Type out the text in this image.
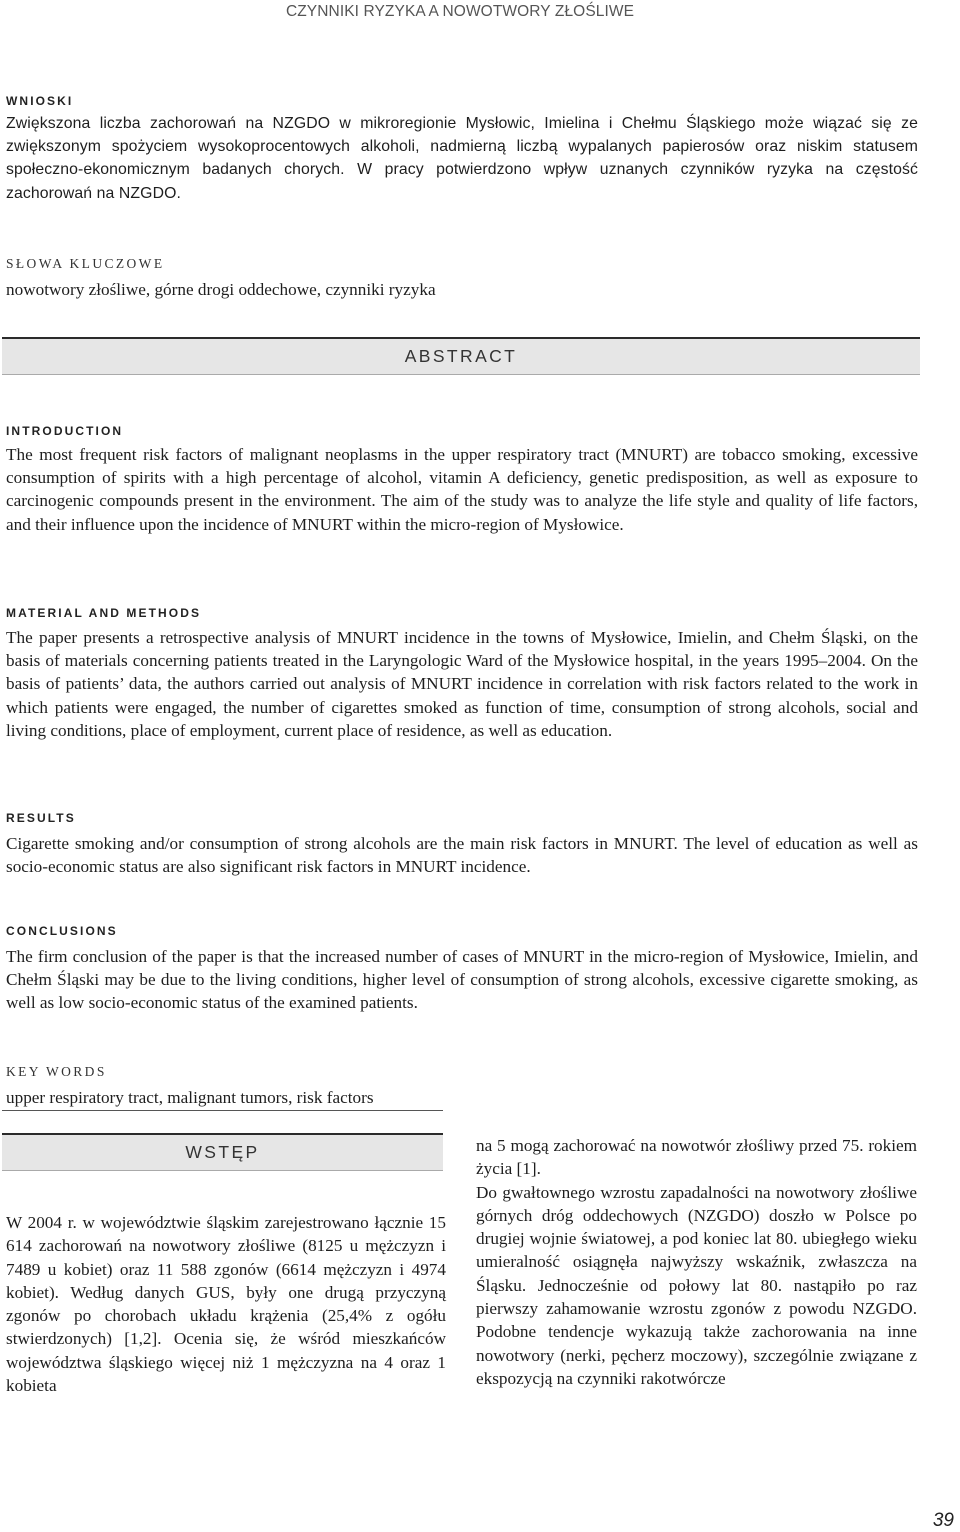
CZYNNIKI RYZYKA A NOWOTWORY ZŁOŚLIWE
WNIOSKI
Zwiększona liczba zachorowań na NZGDO w mikroregionie Mysłowic, Imielina i Chełmu Śląskiego może wiązać się ze zwiększonym spożyciem wysokoprocentowych alkoholi, nadmierną liczbą wypalanych papierosów oraz niskim statusem społeczno-ekonomicznym badanych chorych. W pracy potwierdzono wpływ uznanych czynników ryzyka na częstość zachorowań na NZGDO.
SŁOWA KLUCZOWE
nowotwory złośliwe, górne drogi oddechowe, czynniki ryzyka
ABSTRACT
INTRODUCTION
The most frequent risk factors of malignant neoplasms in the upper respiratory tract (MNURT) are tobacco smoking, excessive consumption of spirits with a high percentage of alcohol, vitamin A deficiency, genetic predisposition, as well as exposure to carcinogenic compounds present in the environment. The aim of the study was to analyze the life style and quality of life factors, and their influence upon the incidence of MNURT within the micro-region of Mysłowice.
MATERIAL AND METHODS
The paper presents a retrospective analysis of MNURT incidence in the towns of Mysłowice, Imielin, and Chełm Śląski, on the basis of materials concerning patients treated in the Laryngologic Ward of the Mysłowice hospital, in the years 1995–2004. On the basis of patients’ data, the authors carried out analysis of MNURT incidence in correlation with risk factors related to the work in which patients were engaged, the number of cigarettes smoked as function of time, consumption of strong alcohols, social and living conditions, place of employment, current place of residence, as well as education.
RESULTS
Cigarette smoking and/or consumption of strong alcohols are the main risk factors in MNURT. The level of education as well as socio-economic status are also significant risk factors in MNURT incidence.
CONCLUSIONS
The firm conclusion of the paper is that the increased number of cases of MNURT in the micro-region of Mysłowice, Imielin, and Chełm Śląski may be due to the living conditions, higher level of consumption of strong alcohols, excessive cigarette smoking, as well as low socio-economic status of the examined patients.
KEY WORDS
upper respiratory tract, malignant tumors, risk factors
WSTĘP
W 2004 r. w województwie śląskim zarejestrowano łącznie 15 614 zachorowań na nowotwory złośliwe (8125 u mężczyzn i 7489 u kobiet) oraz 11 588 zgonów (6614 mężczyzn i 4974 kobiet). Według danych GUS, były one drugą przyczyną zgonów po chorobach układu krążenia (25,4% z ogółu stwierdzonych) [1,2]. Ocenia się, że wśród mieszkańców województwa śląskiego więcej niż 1 mężczyzna na 4 oraz 1 kobieta
na 5 mogą zachorować na nowotwór złośliwy przed 75. rokiem życia [1].
Do gwałtownego wzrostu zapadalności na nowotwory złośliwe górnych dróg oddechowych (NZGDO) doszło w Polsce po drugiej wojnie światowej, a pod koniec lat 80. ubiegłego wieku umieralność osiągnęła najwyższy wskaźnik, zwłaszcza na Śląsku. Jednocześnie od połowy lat 80. nastąpiło po raz pierwszy zahamowanie wzrostu zgonów z powodu NZGDO. Podobne tendencje wykazują także zachorowania na inne nowotwory (nerki, pęcherz moczowy), szczególnie związane z ekspozycją na czynniki rakotwórcze
39
